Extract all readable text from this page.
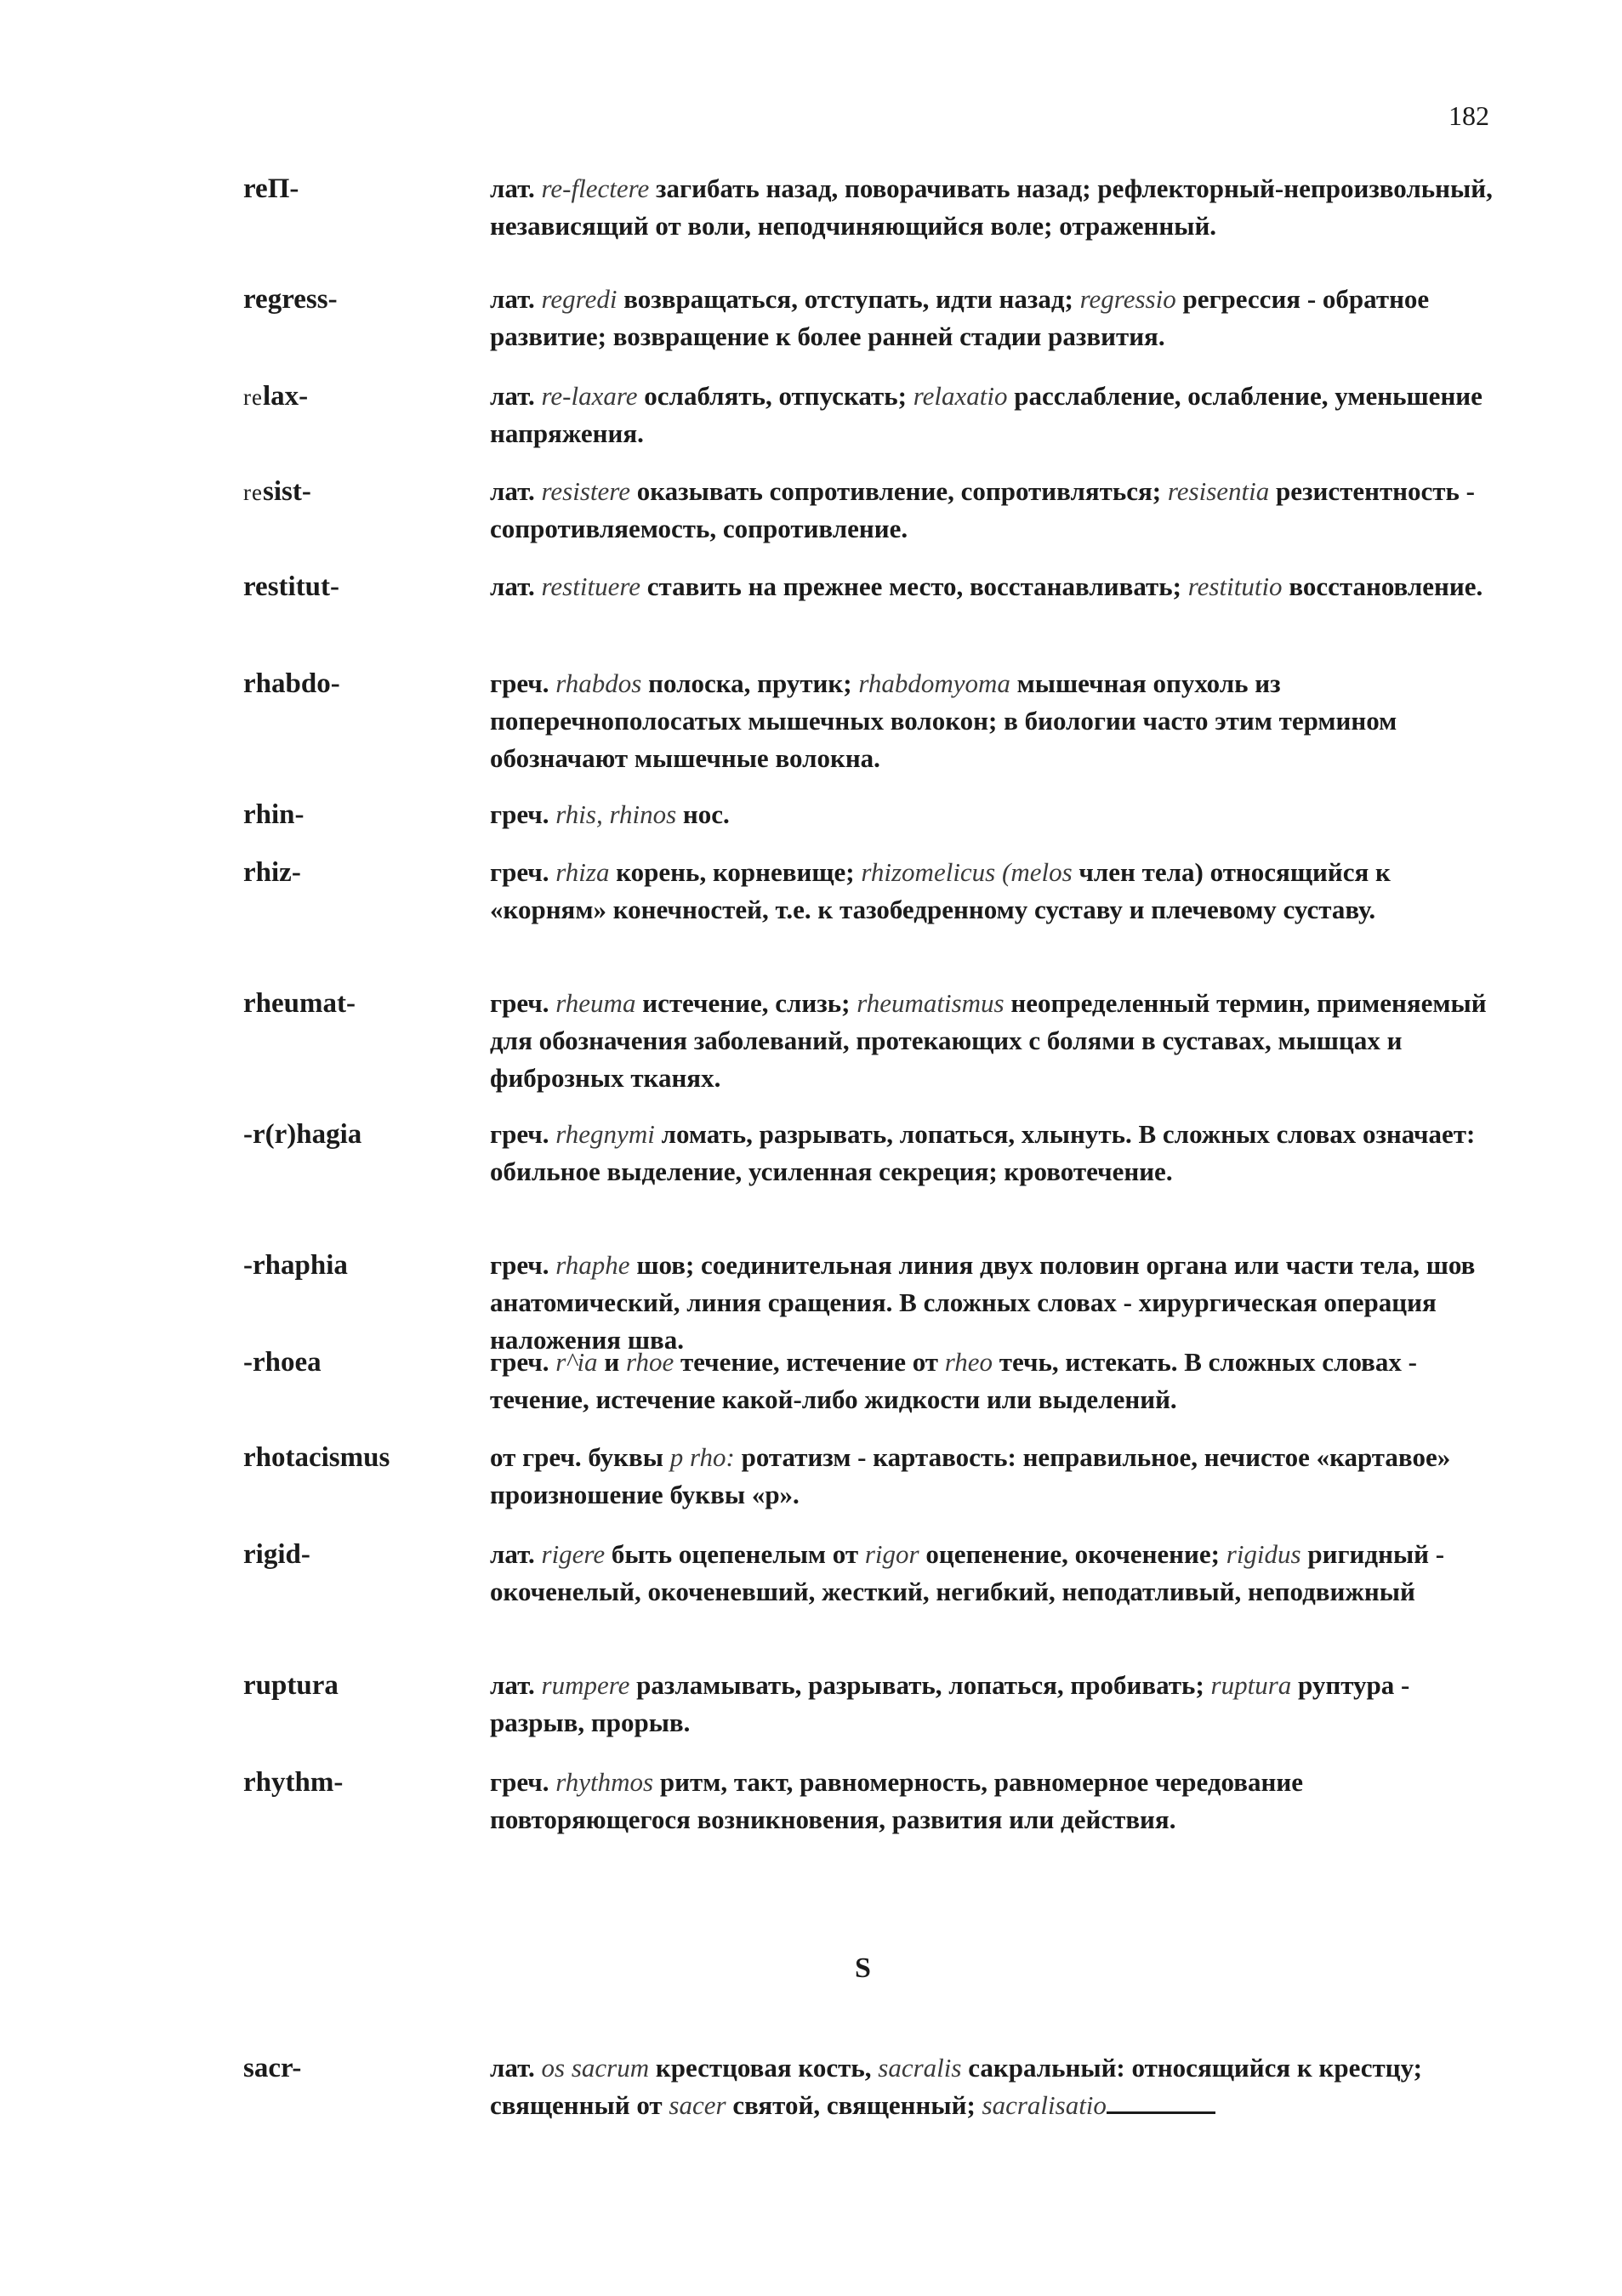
182
reП-	лат. re-flectere загибать назад, поворачивать назад; рефлекторный-непроизвольный, независящий от воли, неподчиняющийся воле; отраженный.
regress-	лат. regredi возвращаться, отступать, идти назад; regressio регрессия - обратное развитие; возвращение к более ранней стадии развития.
relax-	лат. re-laxare ослаблять, отпускать; relaxatio расслабление, ослабление, уменьшение напряжения.
resist-	лат. resistere оказывать сопротивление, сопротивляться; resisentia резистентность - сопротивляемость, сопротивление.
restitut-	лат. restituere ставить на прежнее место, восстанавливать; restitutio восстановление.
rhabdo-	греч. rhabdos полоска, прутик; rhabdomyoma мышечная опухоль из поперечнополосатых мышечных волокон; в биологии часто этим термином обозначают мышечные волокна.
rhin-	греч. rhis, rhinos нос.
rhiz-	греч. rhiza корень, корневище; rhizomelicus (melos член тела) относящийся к «корням» конечностей, т.е. к тазобедренному суставу и плечевому суставу.
rheumat-	греч. rheuma истечение, слизь; rheumatismus неопределенный термин, применяемый для обозначения заболеваний, протекающих с болями в суставах, мышцах и фиброзных тканях.
-r(r)hagia	греч. rhegnymi ломать, разрывать, лопаться, хлынуть. В сложных словах означает: обильное выделение, усиленная секреция; кровотечение.
-rhaphia	греч. rhaphe шов; соединительная линия двух половин органа или части тела, шов анатомический, линия сращения. В сложных словах - хирургическая операция наложения шва.
-rhoea	греч. r^ia и rhoe течение, истечение от rheo течь, истекать. В сложных словах - течение, истечение какой-либо жидкости или выделений.
rhotacismus	от греч. буквы p rho: ротатизм - картавость: неправильное, нечистое «картавое» произношение буквы «р».
rigid-	лат. rigere быть оцепенелым от rigor оцепенение, окоченение; rigidus ригидный - окоченелый, окоченевший, жесткий, негибкий, неподатливый, неподвижный
ruptura	лат. rumpere разламывать, разрывать, лопаться, пробивать; ruptura руптура - разрыв, прорыв.
rhythm-	греч. rhythmos ритм, такт, равномерность, равномерное чередование повторяющегося возникновения, развития или действия.
S
sacr-	лат. os sacrum крестцовая кость, sacralis сакральный: относящийся к крестцу; священный от sacer святой, священный; sacralisatio
